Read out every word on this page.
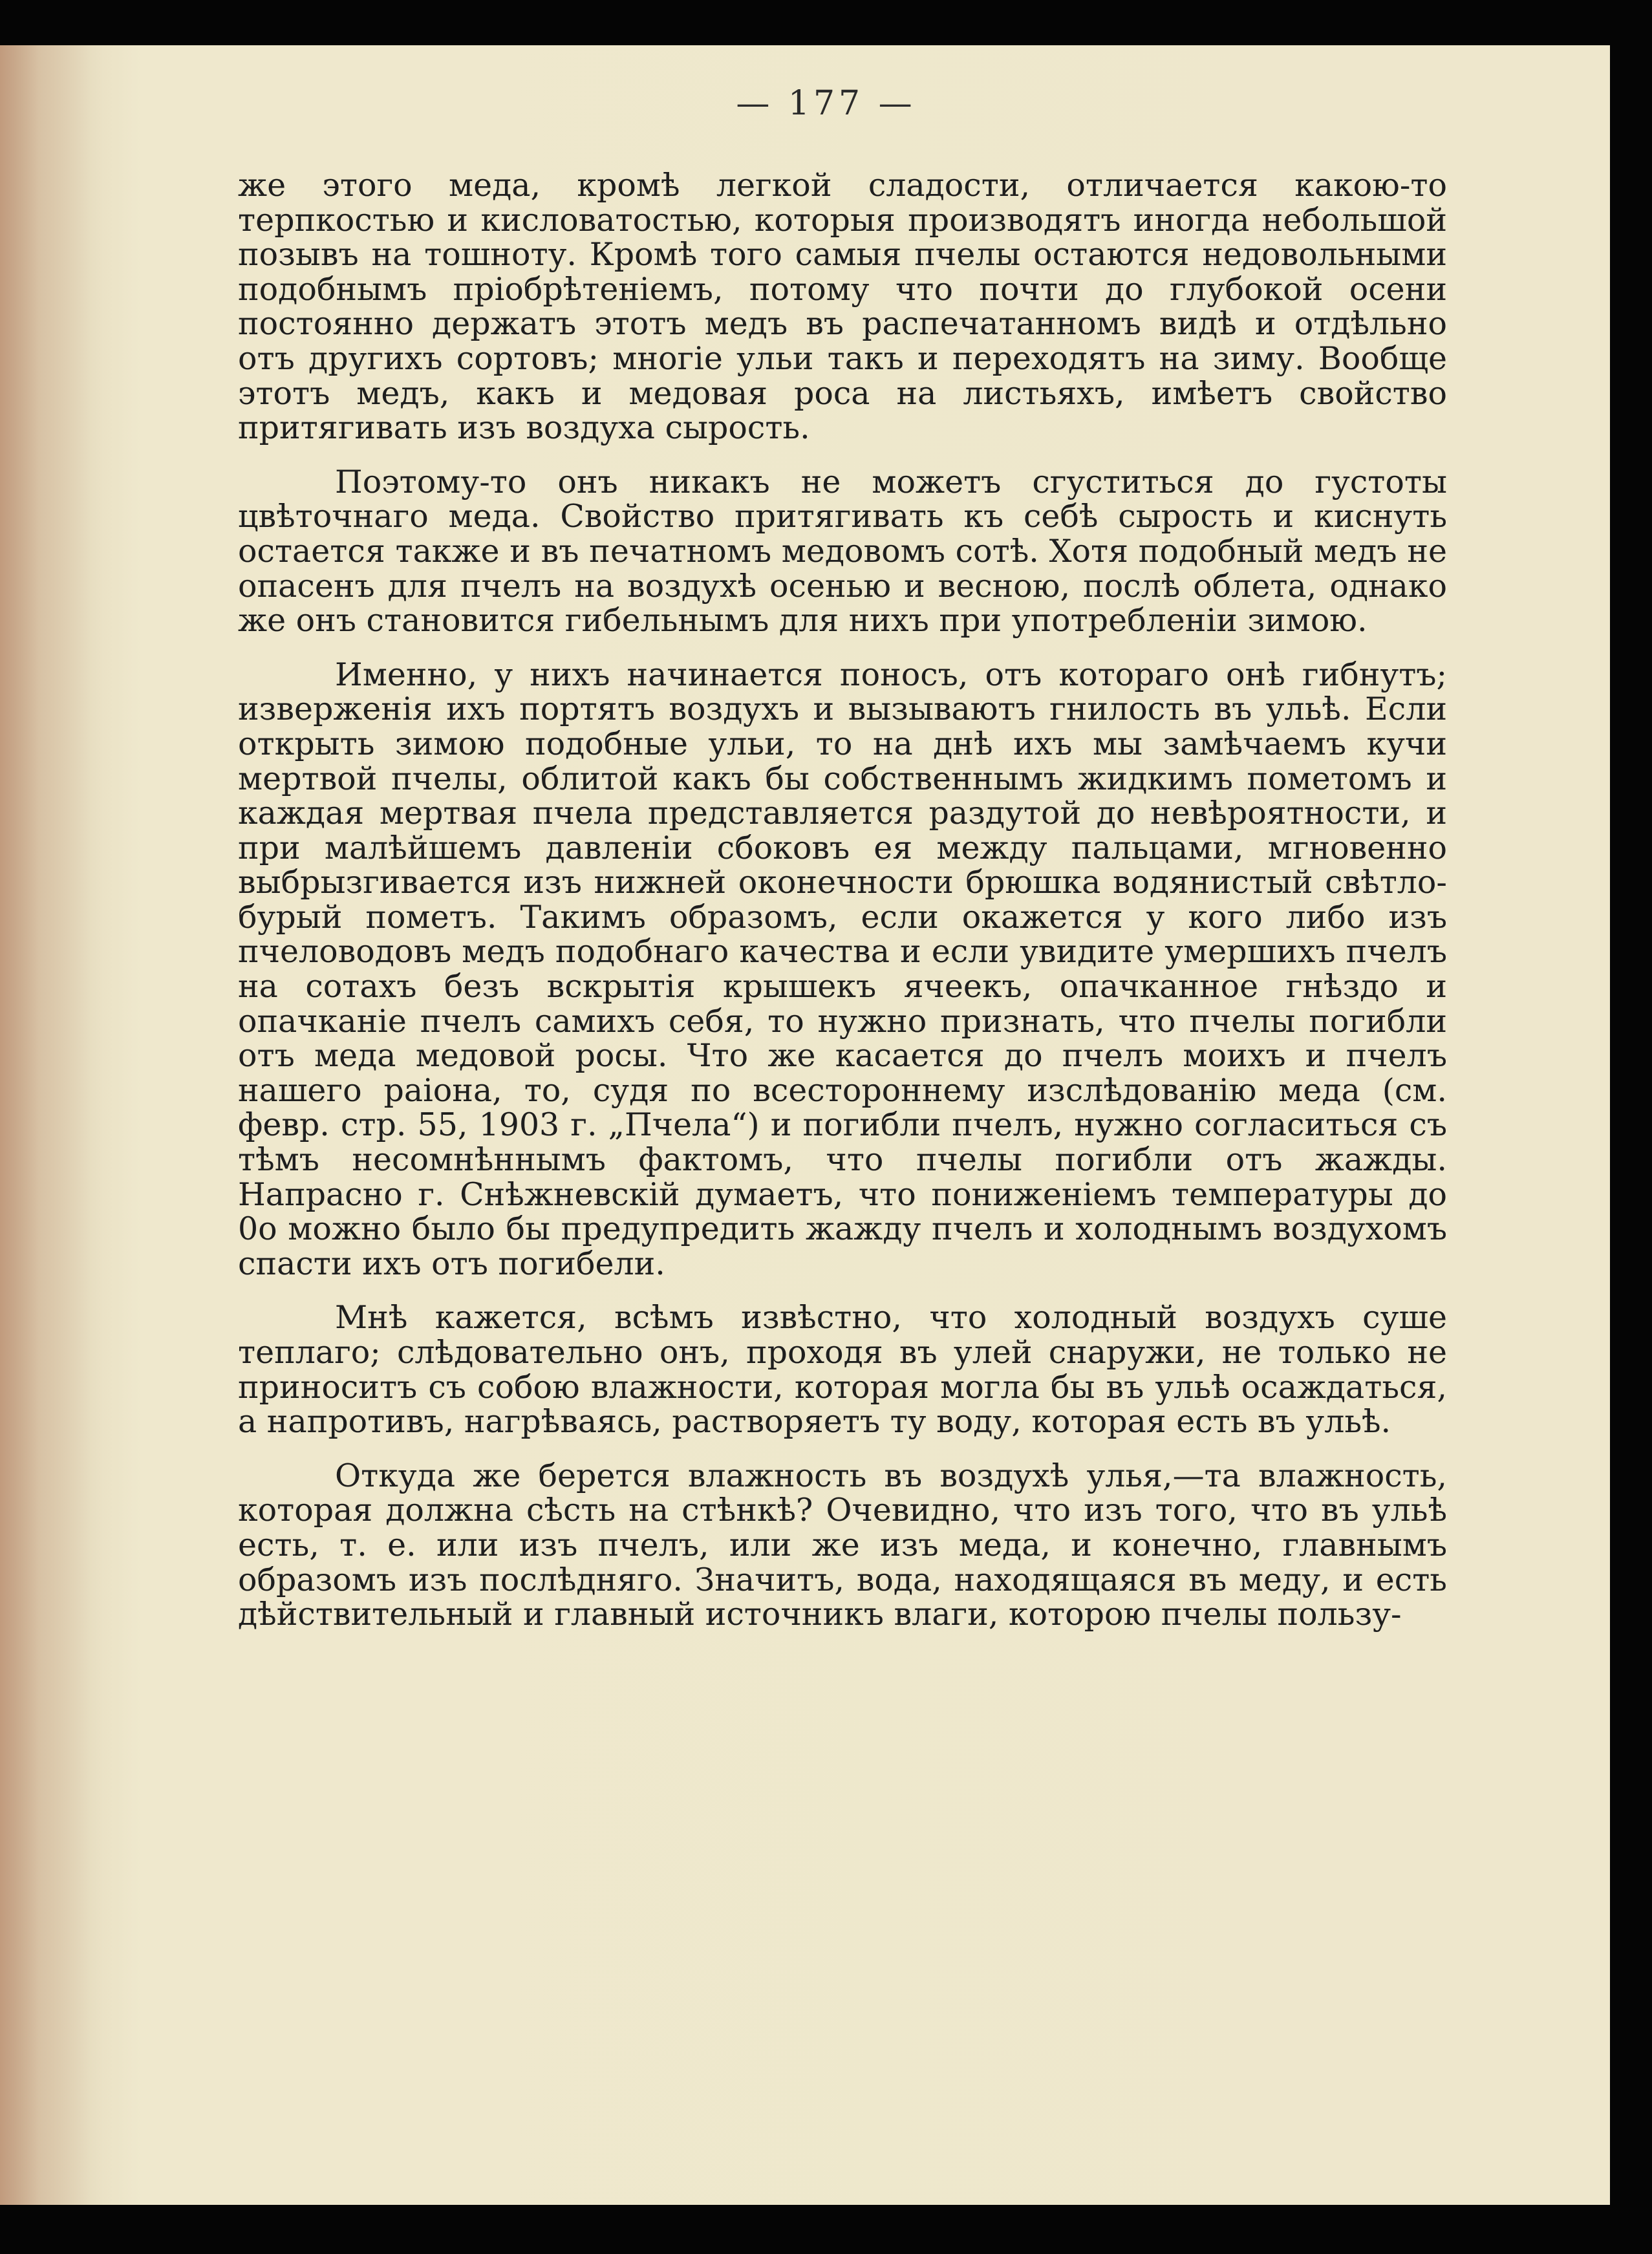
— 177 —

же этого меда, кромѣ легкой сладости, отличается какою-то терпкостью и кисловатостью, которыя производятъ иногда небольшой позывъ на тошноту. Кромѣ того самыя пчелы остаются недовольными подобнымъ пріобрѣтеніемъ, потому что почти до глубокой осени постоянно держатъ этотъ медъ въ распечатанномъ видѣ и отдѣльно отъ другихъ сортовъ; многіе ульи такъ и переходятъ на зиму. Вообще этотъ медъ, какъ и медовая роса на листьяхъ, имѣетъ свойство притягивать изъ воздуха сырость.

Поэтому-то онъ никакъ не можетъ сгуститься до густоты цвѣточнаго меда. Свойство притягивать къ себѣ сырость и киснуть остается также и въ печатномъ медовомъ сотѣ. Хотя подобный медъ не опасенъ для пчелъ на воздухѣ осенью и весною, послѣ облета, однако же онъ становится гибельнымъ для нихъ при употребленіи зимою.

Именно, у нихъ начинается поносъ, отъ котораго онѣ гибнутъ; изверженія ихъ портятъ воздухъ и вызываютъ гнилость въ ульѣ. Если открыть зимою подобные ульи, то на днѣ ихъ мы замѣчаемъ кучи мертвой пчелы, облитой какъ бы собственнымъ жидкимъ пометомъ и каждая мертвая пчела представляется раздутой до невѣроятности, и при малѣйшемъ давленіи сбоковъ ея между пальцами, мгновенно выбрызгивается изъ нижней оконечности брюшка водянистый свѣтло-бурый пометъ. Такимъ образомъ, если окажется у кого либо изъ пчеловодовъ медъ подобнаго качества и если увидите умершихъ пчелъ на сотахъ безъ вскрытія крышекъ ячеекъ, опачканное гнѣздо и опачканіе пчелъ самихъ себя, то нужно признать, что пчелы погибли отъ меда медовой росы. Что же касается до пчелъ моихъ и пчелъ нашего раіона, то, судя по всестороннему изслѣдованію меда (см. февр. стр. 55, 1903 г. „Пчела“) и погибли пчелъ, нужно согласиться съ тѣмъ несомнѣннымъ фактомъ, что пчелы погибли отъ жажды. Напрасно г. Снѣжневскій думаетъ, что пониженіемъ температуры до 0о можно было бы предупредить жажду пчелъ и холоднымъ воздухомъ спасти ихъ отъ погибели.

Мнѣ кажется, всѣмъ извѣстно, что холодный воздухъ суше теплаго; слѣдовательно онъ, проходя въ улей снаружи, не только не приноситъ съ собою влажности, которая могла бы въ ульѣ осаждаться, а напротивъ, нагрѣваясь, растворяетъ ту воду, которая есть въ ульѣ.

Откуда же берется влажность въ воздухѣ улья,—та влажность, которая должна сѣсть на стѣнкѣ? Очевидно, что изъ того, что въ ульѣ есть, т. е. или изъ пчелъ, или же изъ меда, и конечно, главнымъ образомъ изъ послѣдняго. Значитъ, вода, находящаяся въ меду, и есть дѣйствительный и главный источникъ влаги, которою пчелы пользу-
